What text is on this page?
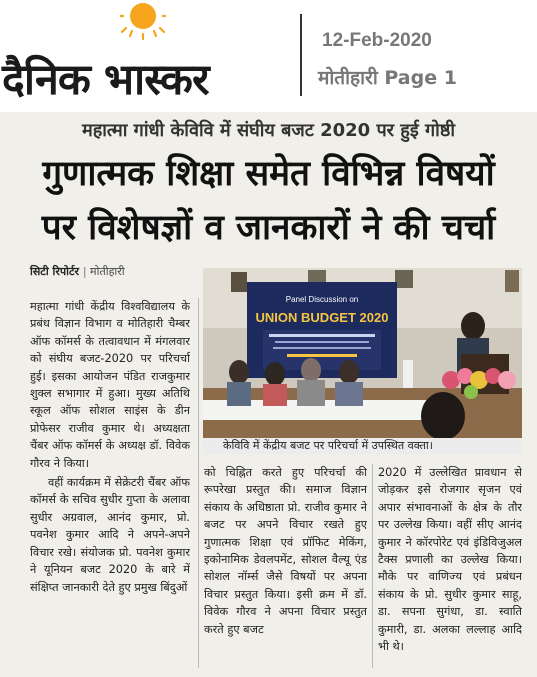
दैनिक भास्कर
12-Feb-2020
मोतीहारी Page 1
महात्मा गांधी केविवि में संघीय बजट 2020 पर हुई गोष्ठी
गुणात्मक शिक्षा समेत विभिन्न विषयों
पर विशेषज्ञों व जानकारों ने की चर्चा
सिटी रिपोर्टर | मोतीहारी
Panel Discussion on
UNION BUDGET 2020
केविवि में केंद्रीय बजट पर परिचर्चा में उपस्थित वक्ता।

महात्मा गांधी केंद्रीय विश्वविद्यालय के प्रबंध विज्ञान विभाग व मोतिहारी चैम्बर ऑफ कॉमर्स के तत्वावधान में मंगलवार को संघीय बजट-2020 पर परिचर्चा हुई। इसका आयोजन पंडित राजकुमार शुक्ल सभागार में हुआ। मुख्य अतिथि स्कूल ऑफ सोशल साइंस के डीन प्रोफेसर राजीव कुमार थे। अध्यक्षता चैंबर ऑफ कॉमर्स के अध्यक्ष डॉ. विवेक गौरव ने किया।

वहीं कार्यक्रम में सेक्रेटरी चैंबर ऑफ कॉमर्स के सचिव सुधीर गुप्ता के अलावा सुधीर अग्रवाल, आनंद कुमार, प्रो. पवनेश कुमार आदि ने अपने-अपने विचार रखे। संयोजक प्रो. पवनेश कुमार ने यूनियन बजट 2020 के बारे में संक्षिप्त जानकारी देते हुए प्रमुख बिंदुओं

को चिह्नित करते हुए परिचर्चा की रूपरेखा प्रस्तुत की। समाज विज्ञान संकाय के अधिष्ठाता प्रो. राजीव कुमार ने बजट पर अपने विचार रखते हुए गुणात्मक शिक्षा एवं प्रॉफिट मेकिंग, इकोनामिक डेवलपमेंट, सोशल वैल्यू एंड सोशल नॉर्म्स जैसे विषयों पर अपना विचार प्रस्तुत किया। इसी क्रम में डॉ. विवेक गौरव ने अपना विचार प्रस्तुत करते हुए बजट

2020 में उल्लेखित प्रावधान से जोड़कर इसे रोजगार सृजन एवं अपार संभावनाओं के क्षेत्र के तौर पर उल्लेख किया। वहीं सीए आनंद कुमार ने कॉरपोरेट एवं इंडिविजुअल टैक्स प्रणाली का उल्लेख किया। मौके पर वाणिज्य एवं प्रबंधन संकाय के प्रो. सुधीर कुमार साहू, डा. सपना सुगंधा, डा. स्वाति कुमारी, डा. अलका लल्लाह आदि भी थे।
